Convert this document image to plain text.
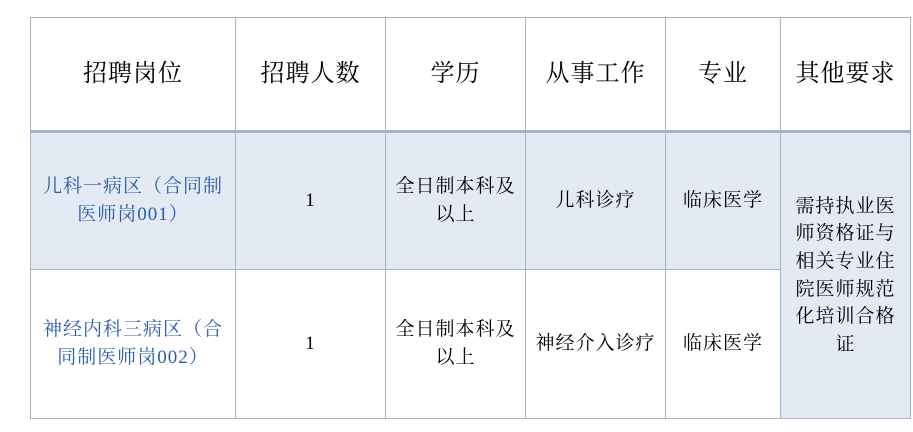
招聘岗位	招聘人数	学历	从事工作	专业	其他要求
儿科一病区（合同制医师岗001）	1	全日制本科及以上	儿科诊疗	临床医学	需持执业医师资格证与相关专业住院医师规范化培训合格证
神经内科三病区（合同制医师岗002）	1	全日制本科及以上	神经介入诊疗	临床医学	
